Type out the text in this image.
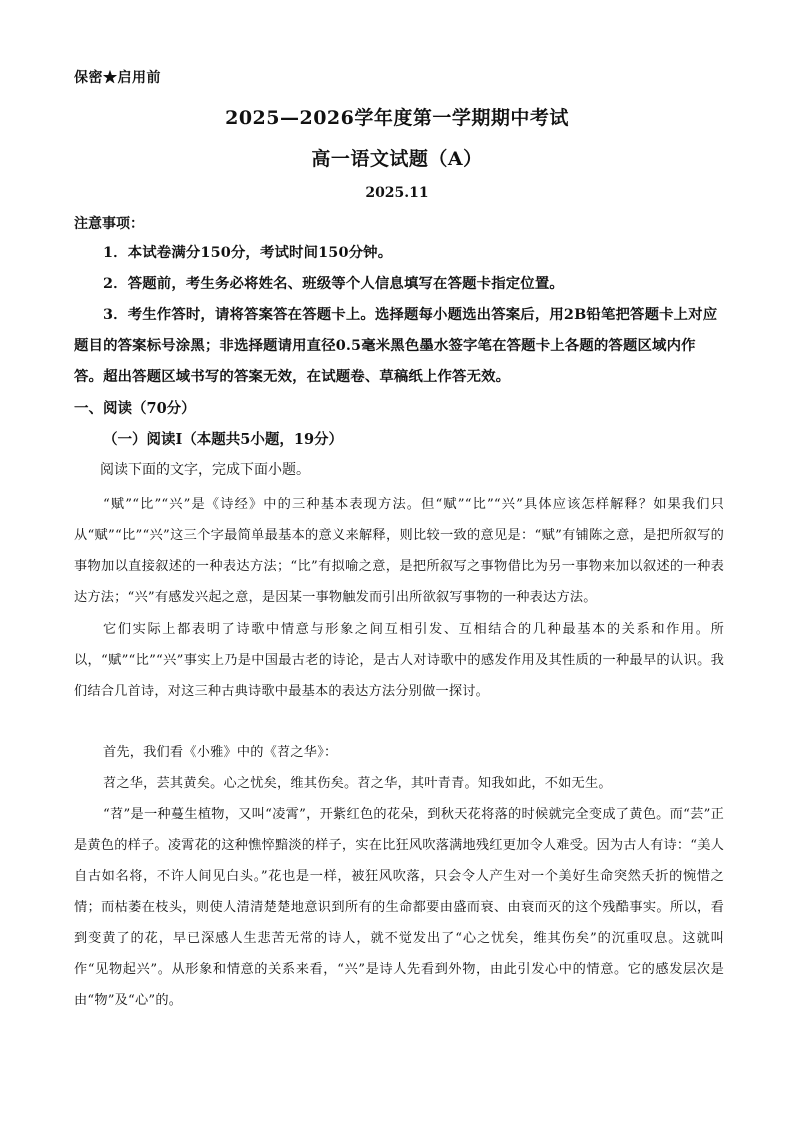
保密★启用前
2025—2026学年度第一学期期中考试
高一语文试题（A）
2025.11
注意事项：
1．本试卷满分150分，考试时间150分钟。
2．答题前，考生务必将姓名、班级等个人信息填写在答题卡指定位置。
3．考生作答时，请将答案答在答题卡上。选择题每小题选出答案后，用2B铅笔把答题卡上对应题目的答案标号涂黑；非选择题请用直径0.5毫米黑色墨水签字笔在答题卡上各题的答题区域内作答。超出答题区域书写的答案无效，在试题卷、草稿纸上作答无效。
一、阅读（70分）
（一）阅读I（本题共5小题，19分）
阅读下面的文字，完成下面小题。
“赋”“比”“兴”是《诗经》中的三种基本表现方法。但“赋”“比”“兴”具体应该怎样解释？如果我们只从“赋”“比”“兴”这三个字最简单最基本的意义来解释，则比较一致的意见是：“赋”有铺陈之意，是把所叙写的事物加以直接叙述的一种表达方法；“比”有拟喻之意，是把所叙写之事物借比为另一事物来加以叙述的一种表达方法；“兴”有感发兴起之意，是因某一事物触发而引出所欲叙写事物的一种表达方法。
它们实际上都表明了诗歌中情意与形象之间互相引发、互相结合的几种最基本的关系和作用。所以，“赋”“比”“兴”事实上乃是中国最古老的诗论，是古人对诗歌中的感发作用及其性质的一种最早的认识。我们结合几首诗，对这三种古典诗歌中最基本的表达方法分别做一探讨。
首先，我们看《小雅》中的《苕之华》：
苕之华，芸其黄矣。心之忧矣，维其伤矣。苕之华，其叶青青。知我如此，不如无生。
“苕”是一种蔓生植物，又叫“凌霄”，开紫红色的花朵，到秋天花将落的时候就完全变成了黄色。而“芸”正是黄色的样子。凌霄花的这种憔悴黯淡的样子，实在比狂风吹落满地残红更加令人难受。因为古人有诗：“美人自古如名将，不许人间见白头。”花也是一样，被狂风吹落，只会令人产生对一个美好生命突然夭折的惋惜之情；而枯萎在枝头，则使人清清楚楚地意识到所有的生命都要由盛而衰、由衰而灭的这个残酷事实。所以，看到变黄了的花，早已深感人生悲苦无常的诗人，就不觉发出了“心之忧矣，维其伤矣”的沉重叹息。这就叫作“见物起兴”。从形象和情意的关系来看，“兴”是诗人先看到外物，由此引发心中的情意。它的感发层次是由“物”及“心”的。
